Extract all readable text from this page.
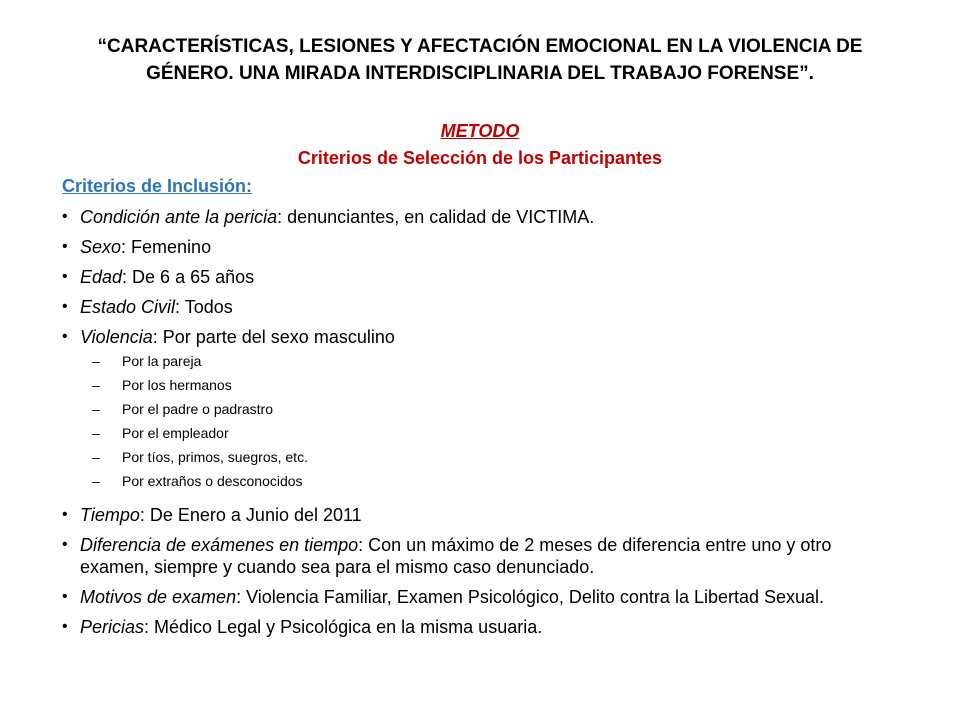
“CARACTERÍSTICAS, LESIONES Y AFECTACIÓN EMOCIONAL EN LA VIOLENCIA DE
GÉNERO. UNA MIRADA INTERDISCIPLINARIA DEL TRABAJO FORENSE”.
METODO
Criterios de Selección de los Participantes
Criterios de Inclusión:
• Condición ante la pericia: denunciantes, en calidad de VICTIMA.
• Sexo: Femenino
• Edad: De 6 a 65 años
• Estado Civil: Todos
• Violencia: Por parte del sexo masculino
– Por la pareja
– Por los hermanos
– Por el padre o padrastro
– Por el empleador
– Por tíos, primos, suegros, etc.
– Por extraños o desconocidos
• Tiempo: De Enero a Junio del 2011
• Diferencia de exámenes en tiempo: Con un máximo de 2 meses de diferencia entre uno y otro examen, siempre y cuando sea para el mismo caso denunciado.
• Motivos de examen: Violencia Familiar, Examen Psicológico, Delito contra la Libertad Sexual.
• Pericias: Médico Legal y Psicológica en la misma usuaria.
